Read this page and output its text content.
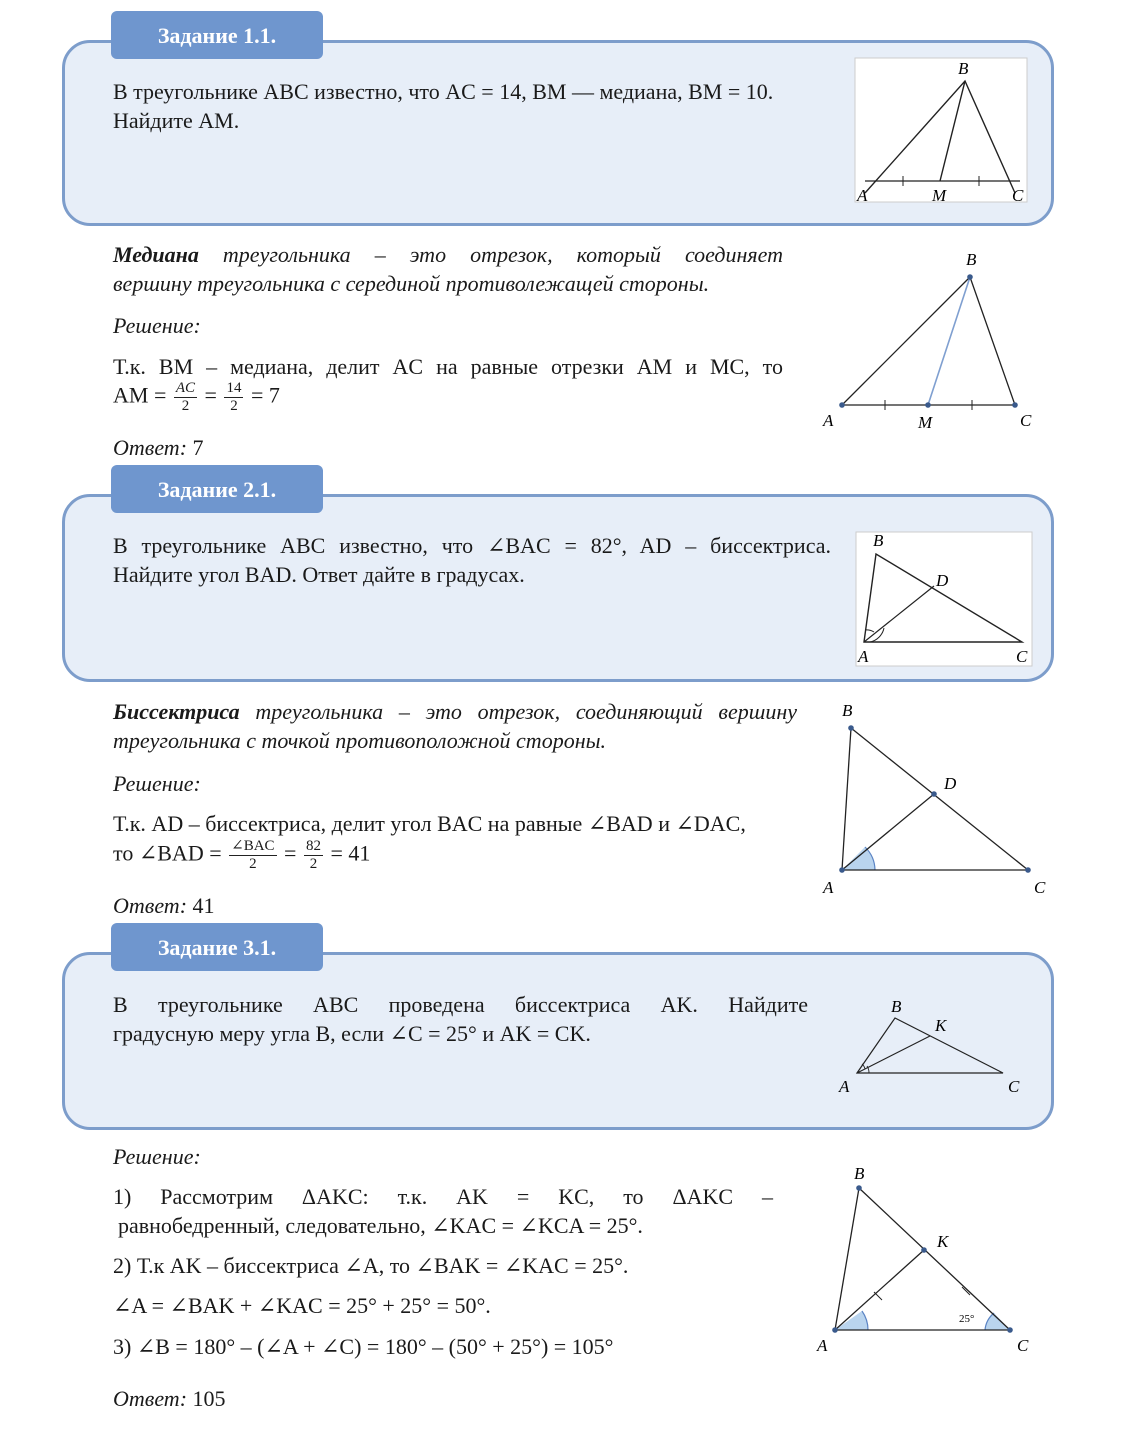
Задание 1.1.
В треугольнике ABC известно, что AC = 14, BM — медиана, BM = 10.
Найдите AM.
B
A	M	C
Медиана треугольника – это отрезок, который соединяет
вершину треугольника с серединой противолежащей стороны.
Решение:
Т.к. BM – медиана, делит AC на равные отрезки AM и MC, то
AM = $\frac{AC}{2} = \frac{14}{2} = 7$
Ответ: 7
B
A	M	C
Задание 2.1.
В треугольнике ABC известно, что ∠BAC = 82°, AD – биссектриса.
Найдите угол BAD. Ответ дайте в градусах.
B
D
A	C
Биссектриса треугольника – это отрезок, соединяющий вершину
треугольника с точкой противоположной стороны.
Решение:
Т.к. AD – биссектриса, делит угол BAC на равные ∠BAD и ∠DAC,
то ∠BAD = $\frac{\text{∠BAC}}{2} = \frac{82}{2} = 41$
Ответ: 41
B
D
A	C
Задание 3.1.
В треугольнике ABC проведена биссектриса AK. Найдите
градусную меру угла B, если ∠C = 25° и AK = CK.
B
K
A	C
Решение:
1) Рассмотрим ΔAKC: т.к. AK = KC, то ΔAKC –
равнобедренный, следовательно, ∠KAC = ∠KCA = 25°.
2) Т.к AK – биссектриса ∠A, то ∠BAK = ∠KAC = 25°.
∠A = ∠BAK + ∠KAC = 25° + 25° = 50°.
3) ∠B = 180° – (∠A + ∠C) = 180° – (50° + 25°) = 105°
Ответ: 105
B
K
A	C
25°
